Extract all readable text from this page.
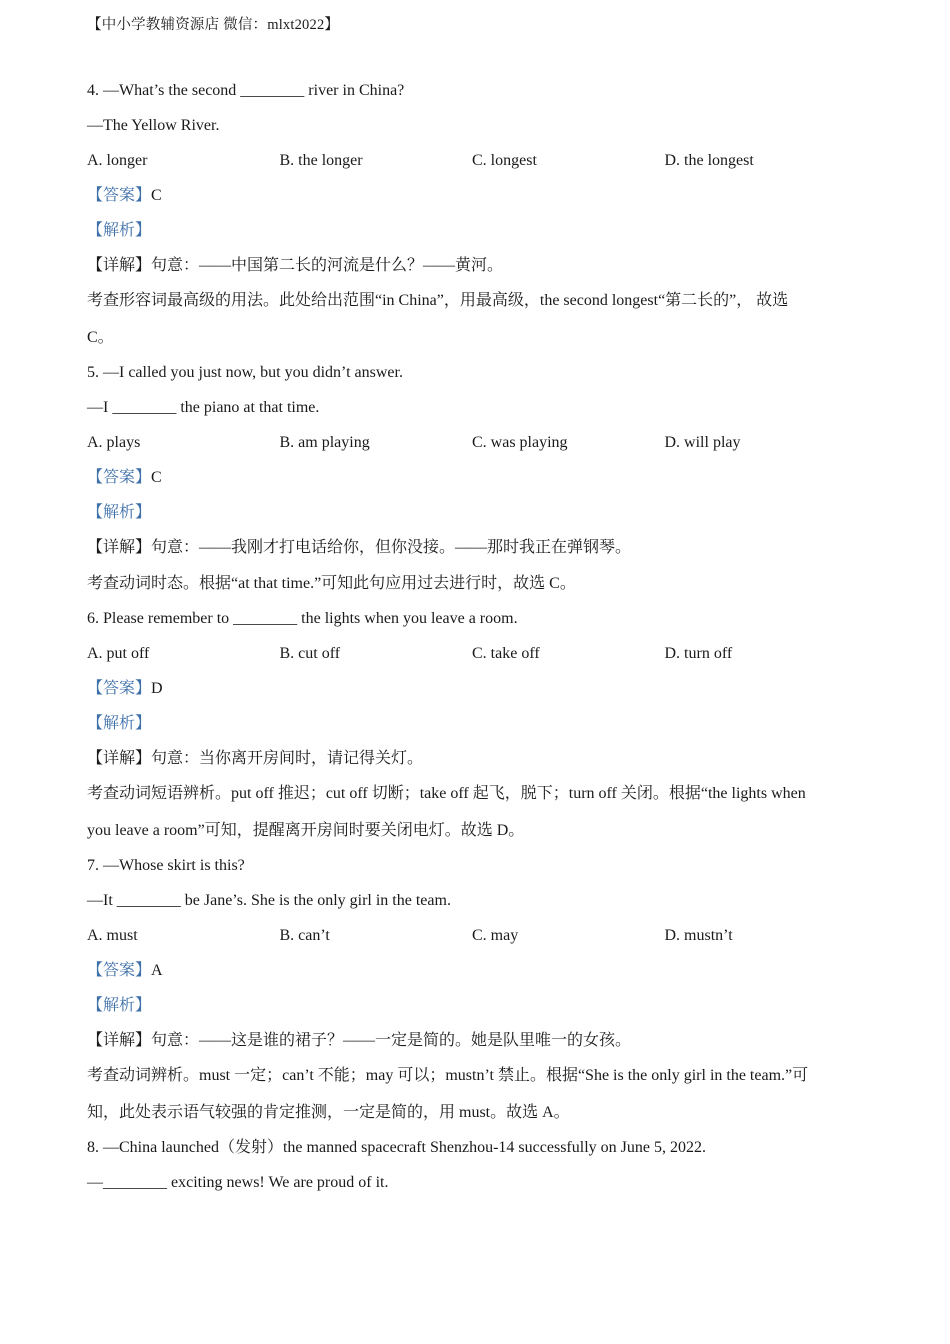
【中小学教辅资源店 微信：mlxt2022】
4. —What’s the second ________ river in China?
—The Yellow River.
A. longer	B. the longer	C. longest	D. the longest
【答案】C
【解析】
【详解】句意：——中国第二长的河流是什么？——黄河。
考查形容词最高级的用法。此处给出范围“in China”，用最高级，the second longest“第二长的”， 故选
C。
5. —I called you just now, but you didn’t answer.
—I ________ the piano at that time.
A. plays	B. am playing	C. was playing	D. will play
【答案】C
【解析】
【详解】句意：——我刚才打电话给你，但你没接。——那时我正在弹钢琴。
考查动词时态。根据“at that time.”可知此句应用过去进行时，故选 C。
6. Please remember to ________ the lights when you leave a room.
A. put off	B. cut off	C. take off	D. turn off
【答案】D
【解析】
【详解】句意：当你离开房间时，请记得关灯。
考查动词短语辨析。put off 推迟；cut off 切断；take off 起飞，脱下；turn off 关闭。根据“the lights when
you leave a room”可知，提醒离开房间时要关闭电灯。故选 D。
7. —Whose skirt is this?
—It ________ be Jane’s. She is the only girl in the team.
A. must	B. can’t	C. may	D. mustn’t
【答案】A
【解析】
【详解】句意：——这是谁的裙子？——一定是简的。她是队里唯一的女孩。
考查动词辨析。must 一定；can’t 不能；may 可以；mustn’t 禁止。根据“She is the only girl in the team.”可
知，此处表示语气较强的肯定推测，一定是简的，用 must。故选 A。
8. —China launched（发射）the manned spacecraft Shenzhou-14 successfully on June 5, 2022.
—________ exciting news! We are proud of it.
